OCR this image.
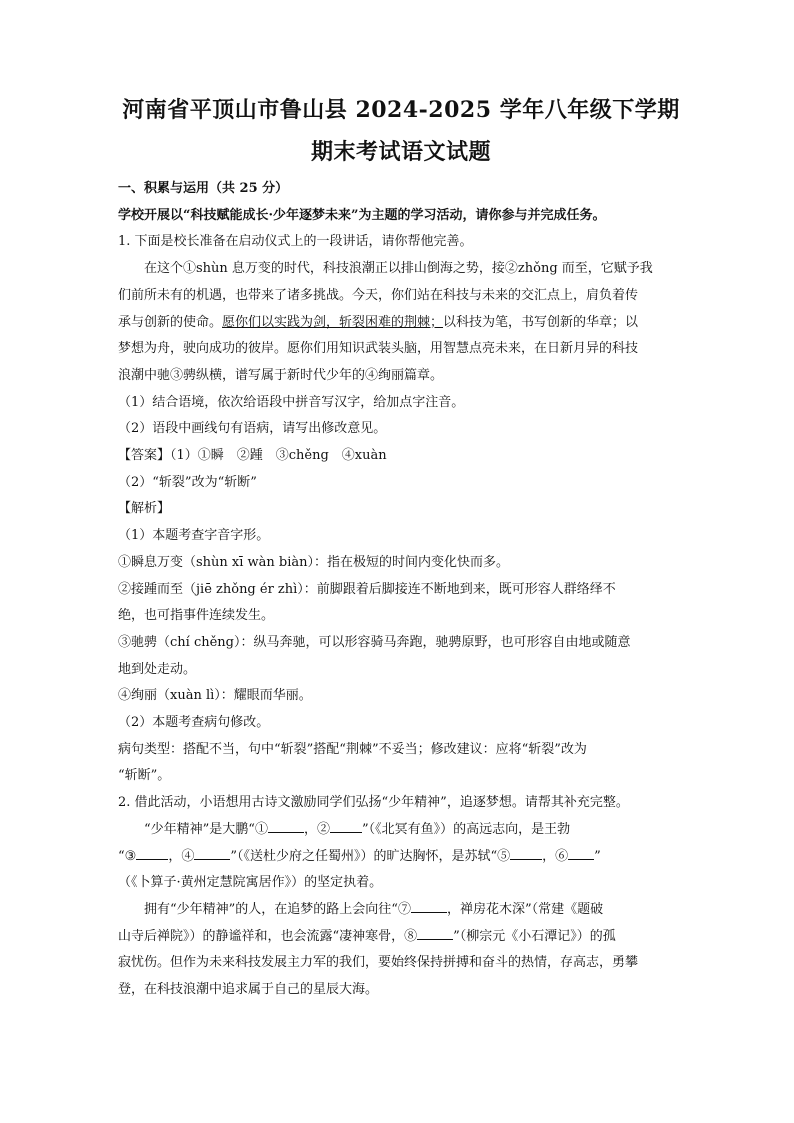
河南省平顶山市鲁山县 2024-2025 学年八年级下学期
期末考试语文试题

一、积累与运用（共 25 分）

学校开展以“科技赋能成长·少年逐梦未来”为主题的学习活动，请你参与并完成任务。

1. 下面是校长准备在启动仪式上的一段讲话，请你帮他完善。

在这个①shùn 息万变的时代，科技浪潮正以排山倒海之势，接②zhǒng 而至，它赋予我

们前所未有的机遇，也带来了诸多挑战。今天，你们站在科技与未来的交汇点上，肩负着传

承与创新的使命。愿你们以实践为剑，斩裂困难的荆棘；以科技为笔，书写创新的华章；以

梦想为舟，驶向成功的彼岸。愿你们用知识武装头脑，用智慧点亮未来，在日新月异的科技

浪潮中驰③骋纵横，谱写属于新时代少年的④绚丽篇章。

（1）结合语境，依次给语段中拼音写汉字，给加点字注音。

（2）语段中画线句有语病，请写出修改意见。

【答案】（1）①瞬　②踵　③chěng　④xuàn

（2）“斩裂”改为“斩断”

【解析】

（1）本题考查字音字形。

①瞬息万变（shùn xī wàn biàn）：指在极短的时间内变化快而多。

②接踵而至（jiē zhǒng ér zhì）：前脚跟着后脚接连不断地到来，既可形容人群络绎不

绝，也可指事件连续发生。

③驰骋（chí chěng）：纵马奔驰，可以形容骑马奔跑，驰骋原野，也可形容自由地或随意

地到处走动。

④绚丽（xuàn lì）：耀眼而华丽。

（2）本题考查病句修改。

病句类型：搭配不当，句中“斩裂”搭配“荆棘”不妥当；修改建议：应将“斩裂”改为

“斩断”。

2. 借此活动，小语想用古诗文激励同学们弘扬“少年精神”，追逐梦想。请帮其补充完整。

“少年精神”是大鹏“①	，② ”（《北冥有鱼》）的高远志向，是王勃

“③ ，④	”（《送杜少府之任蜀州》）的旷达胸怀，是苏轼“⑤ ，⑥ ”

（《卜算子·黄州定慧院寓居作》）的坚定执着。

拥有“少年精神”的人，在追梦的路上会向往“⑦	，禅房花木深”（常建《题破

山寺后禅院》）的静谧祥和，也会流露“凄神寒骨，⑧	”（柳宗元《小石潭记》）的孤

寂忧伤。但作为未来科技发展主力军的我们，要始终保持拼搏和奋斗的热情，存高志，勇攀

登，在科技浪潮中追求属于自己的星辰大海。
